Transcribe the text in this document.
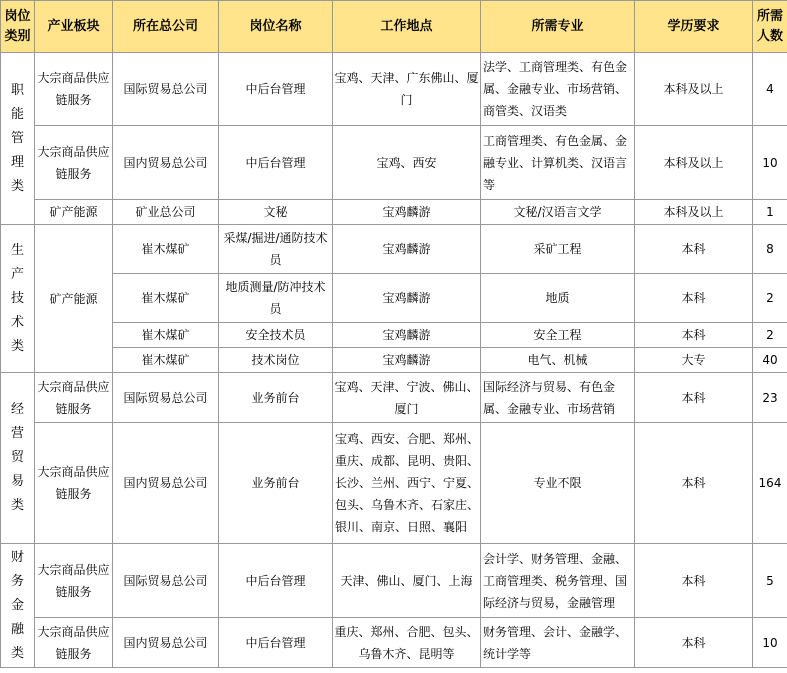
岗位类别	产业板块	所在总公司	岗位名称	工作地点	所需专业	学历要求	所需人数
职能管理类	大宗商品供应链服务	国际贸易总公司	中后台管理	宝鸡、天津、广东佛山、厦门	法学、工商管理类、有色金属、金融专业、市场营销、商管类、汉语类	本科及以上	4
	大宗商品供应链服务	国内贸易总公司	中后台管理	宝鸡、西安	工商管理类、有色金属、金融专业、计算机类、汉语言等	本科及以上	10
	矿产能源	矿业总公司	文秘	宝鸡麟游	文秘/汉语言文学	本科及以上	1
生产技术类	矿产能源	崔木煤矿	采煤/掘进/通防技术员	宝鸡麟游	采矿工程	本科	8
		崔木煤矿	地质测量/防冲技术员	宝鸡麟游	地质	本科	2
		崔木煤矿	安全技术员	宝鸡麟游	安全工程	本科	2
		崔木煤矿	技术岗位	宝鸡麟游	电气、机械	大专	40
经营贸易类	大宗商品供应链服务	国际贸易总公司	业务前台	宝鸡、天津、宁波、佛山、厦门	国际经济与贸易、有色金属、金融专业、市场营销	本科	23
	大宗商品供应链服务	国内贸易总公司	业务前台	宝鸡、西安、合肥、郑州、重庆、成都、昆明、贵阳、长沙、兰州、西宁、宁夏、包头、乌鲁木齐、石家庄、银川、南京、日照、襄阳	专业不限	本科	164
财务金融类	大宗商品供应链服务	国际贸易总公司	中后台管理	天津、佛山、厦门、上海	会计学、财务管理、金融、工商管理类、税务管理、国际经济与贸易，金融管理	本科	5
	大宗商品供应链服务	国内贸易总公司	中后台管理	重庆、郑州、合肥、包头、乌鲁木齐、昆明等	财务管理、会计、金融学、统计学等	本科	10
